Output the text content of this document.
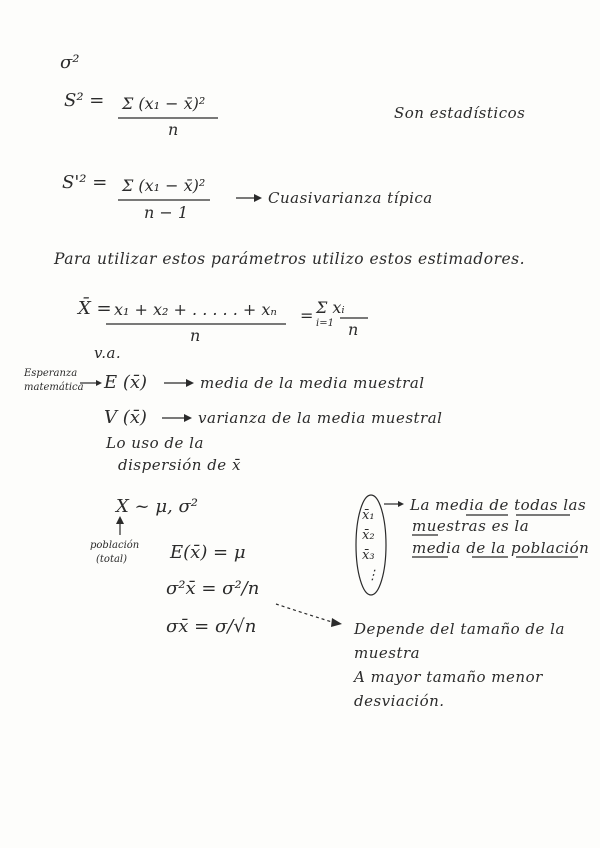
σ²
S² = Σ (x₁ − x̄)²
n
Son estadísticos
S'² = Σ (x₁ − x̄)²
n − 1
Cuasivarianza típica
Para utilizar estos parámetros utilizo estos estimadores.
X̄ = x₁ + x₂ + . . . . . + xₙ
n
= Σ xᵢ
i=1 n
v.a.
Esperanza
matemática E (x̄)	media de la media muestral
V (x̄)	varianza de la media muestral
Lo uso de la
dispersión de x̄
X ~ μ, σ²
población
(total)
x̄₁
x̄₂
x̄₃
⋮
La media de todas las
muestras es la
media de la población
E(x̄) = μ
σ²x̄ = σ²/n
σx̄ = σ/√n	Depende del tamaño de la
muestra
A mayor tamaño menor
desviación.
